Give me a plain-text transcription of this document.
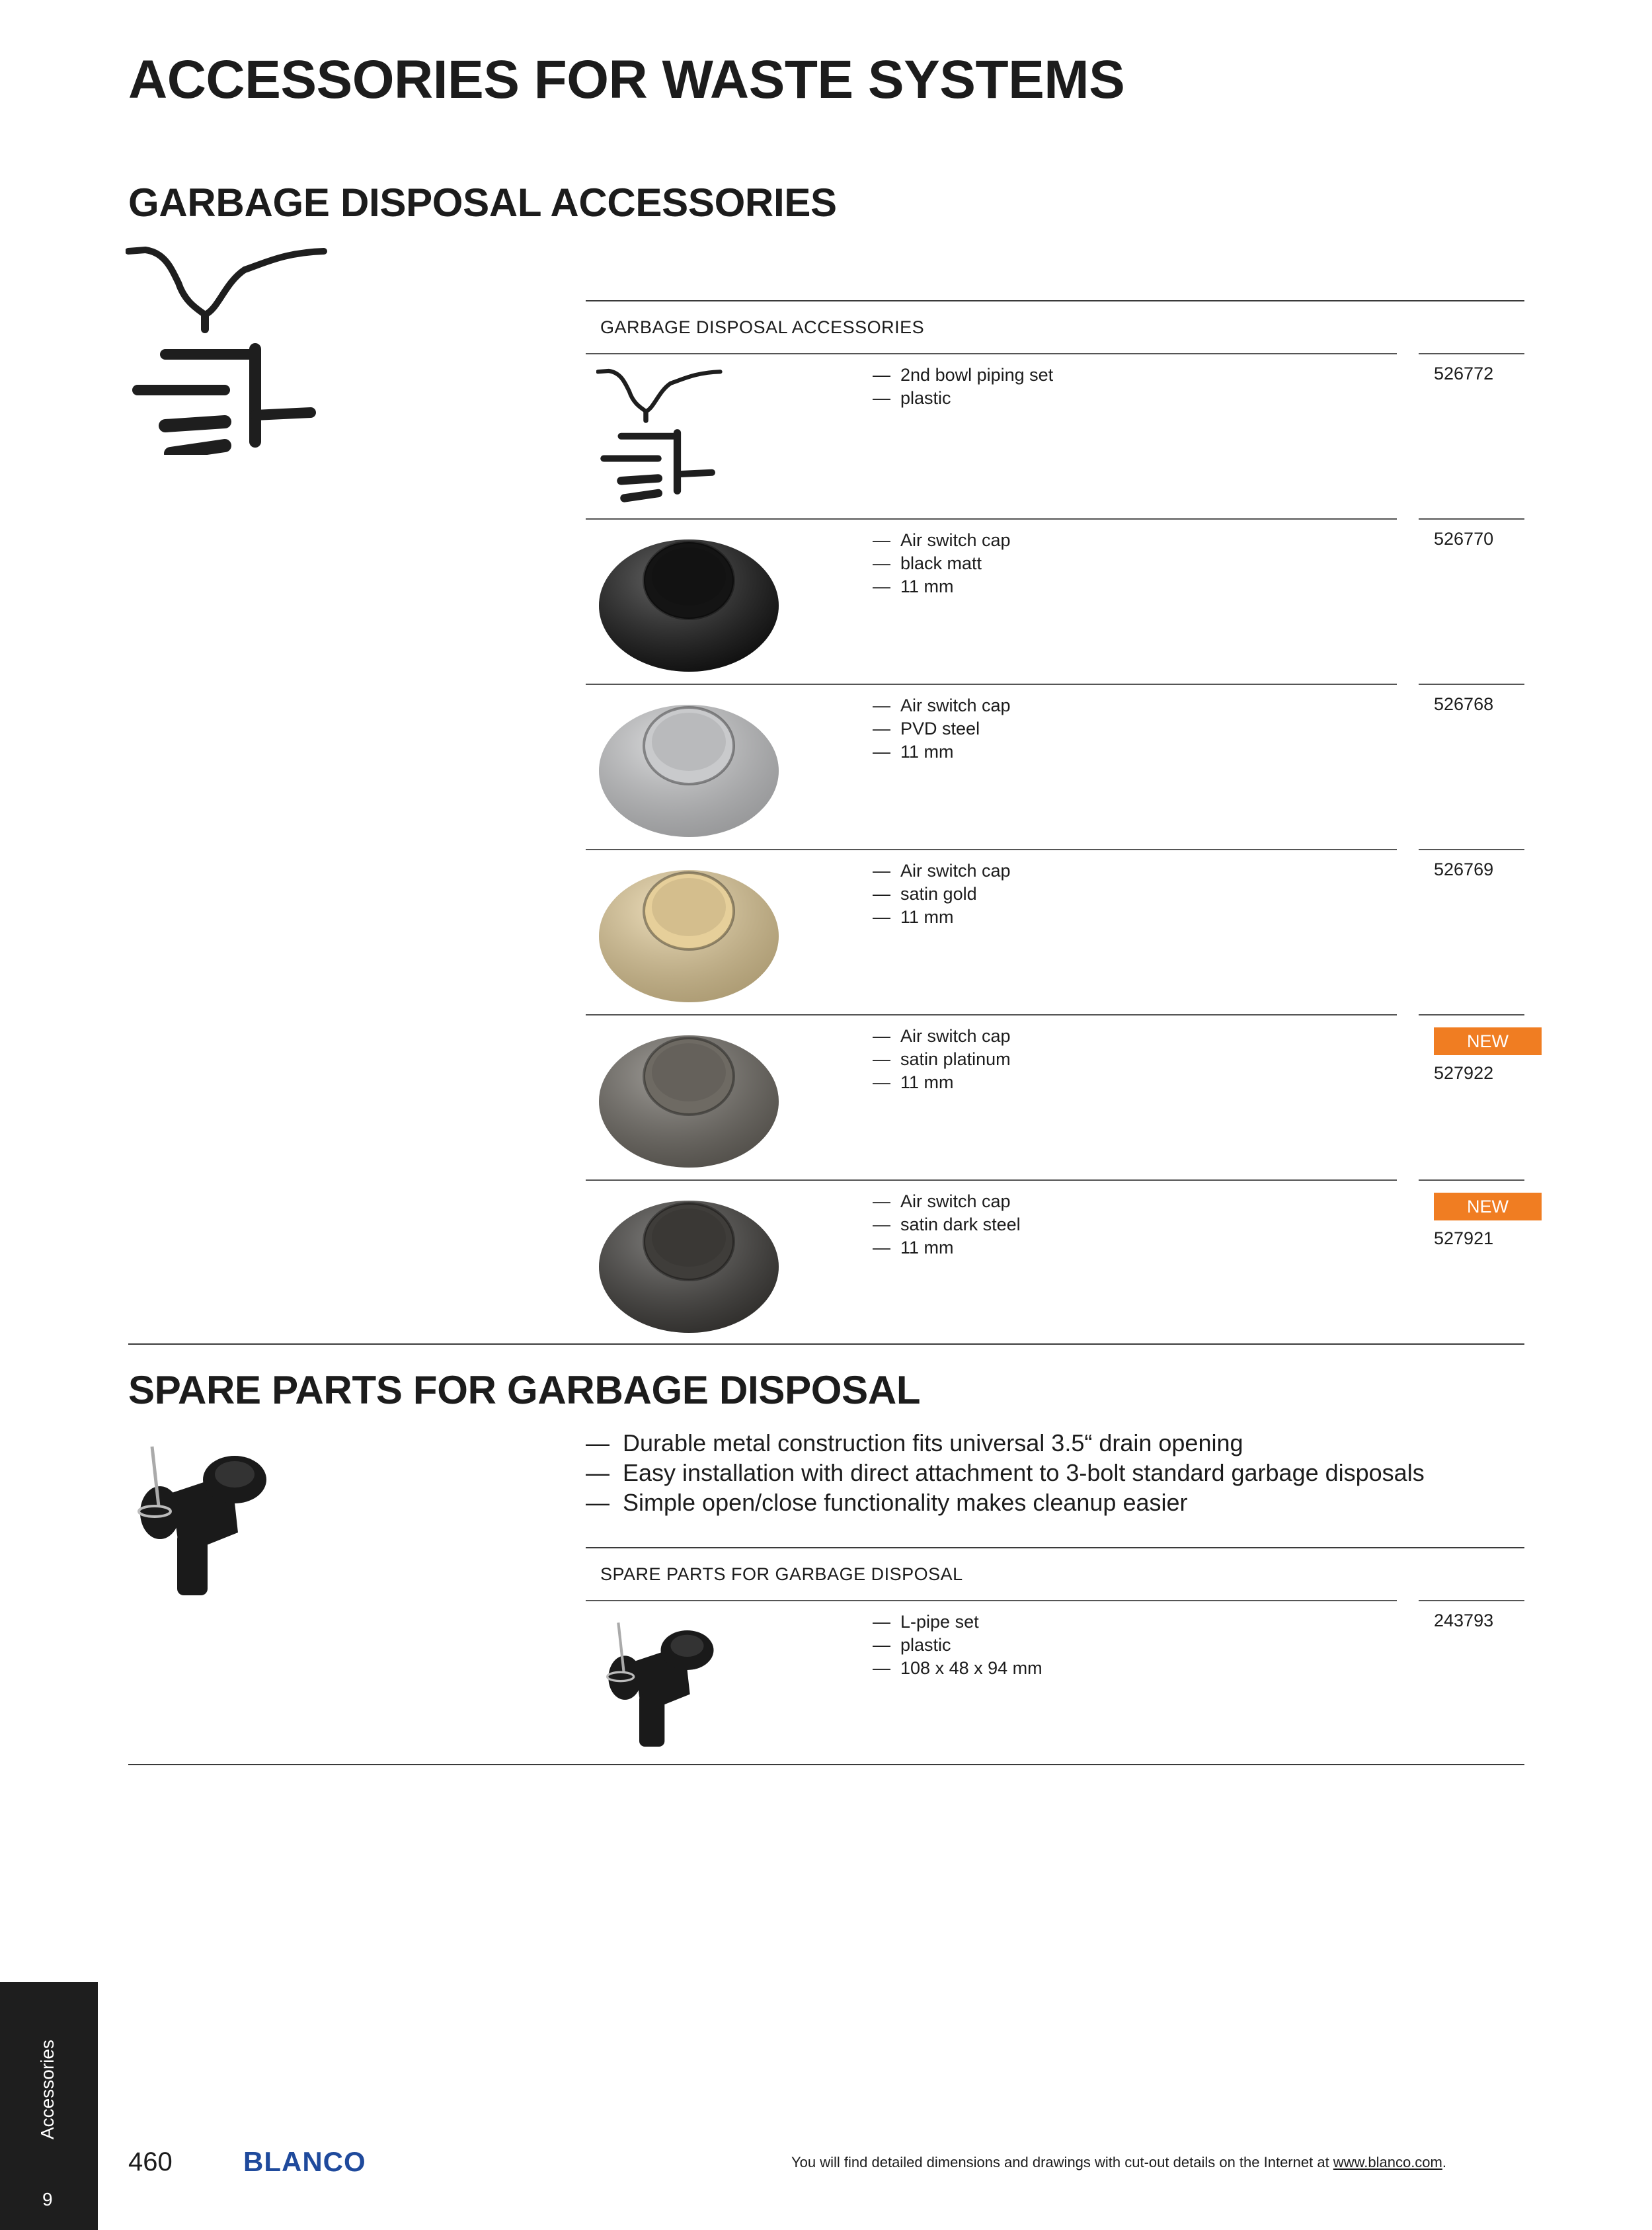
ACCESSORIES FOR WASTE SYSTEMS
GARBAGE DISPOSAL ACCESSORIES
GARBAGE DISPOSAL ACCESSORIES
—  2nd bowl piping set
—  plastic
526772
—  Air switch cap
—  black matt
—  11 mm
526770
—  Air switch cap
—  PVD steel
—  11 mm
526768
—  Air switch cap
—  satin gold
—  11 mm
526769
—  Air switch cap
—  satin platinum
—  11 mm
NEW
527922
—  Air switch cap
—  satin dark steel
—  11 mm
NEW
527921
SPARE PARTS FOR GARBAGE DISPOSAL
—  Durable metal construction fits universal 3.5“ drain opening
—  Easy installation with direct attachment to 3-bolt standard garbage disposals
—  Simple open/close functionality makes cleanup easier
SPARE PARTS FOR GARBAGE DISPOSAL
—  L-pipe set
—  plastic
—  108 x 48 x 94 mm
243793
Accessories
9
460	BLANCO	You will find detailed dimensions and drawings with cut-out details on the Internet at www.blanco.com.
